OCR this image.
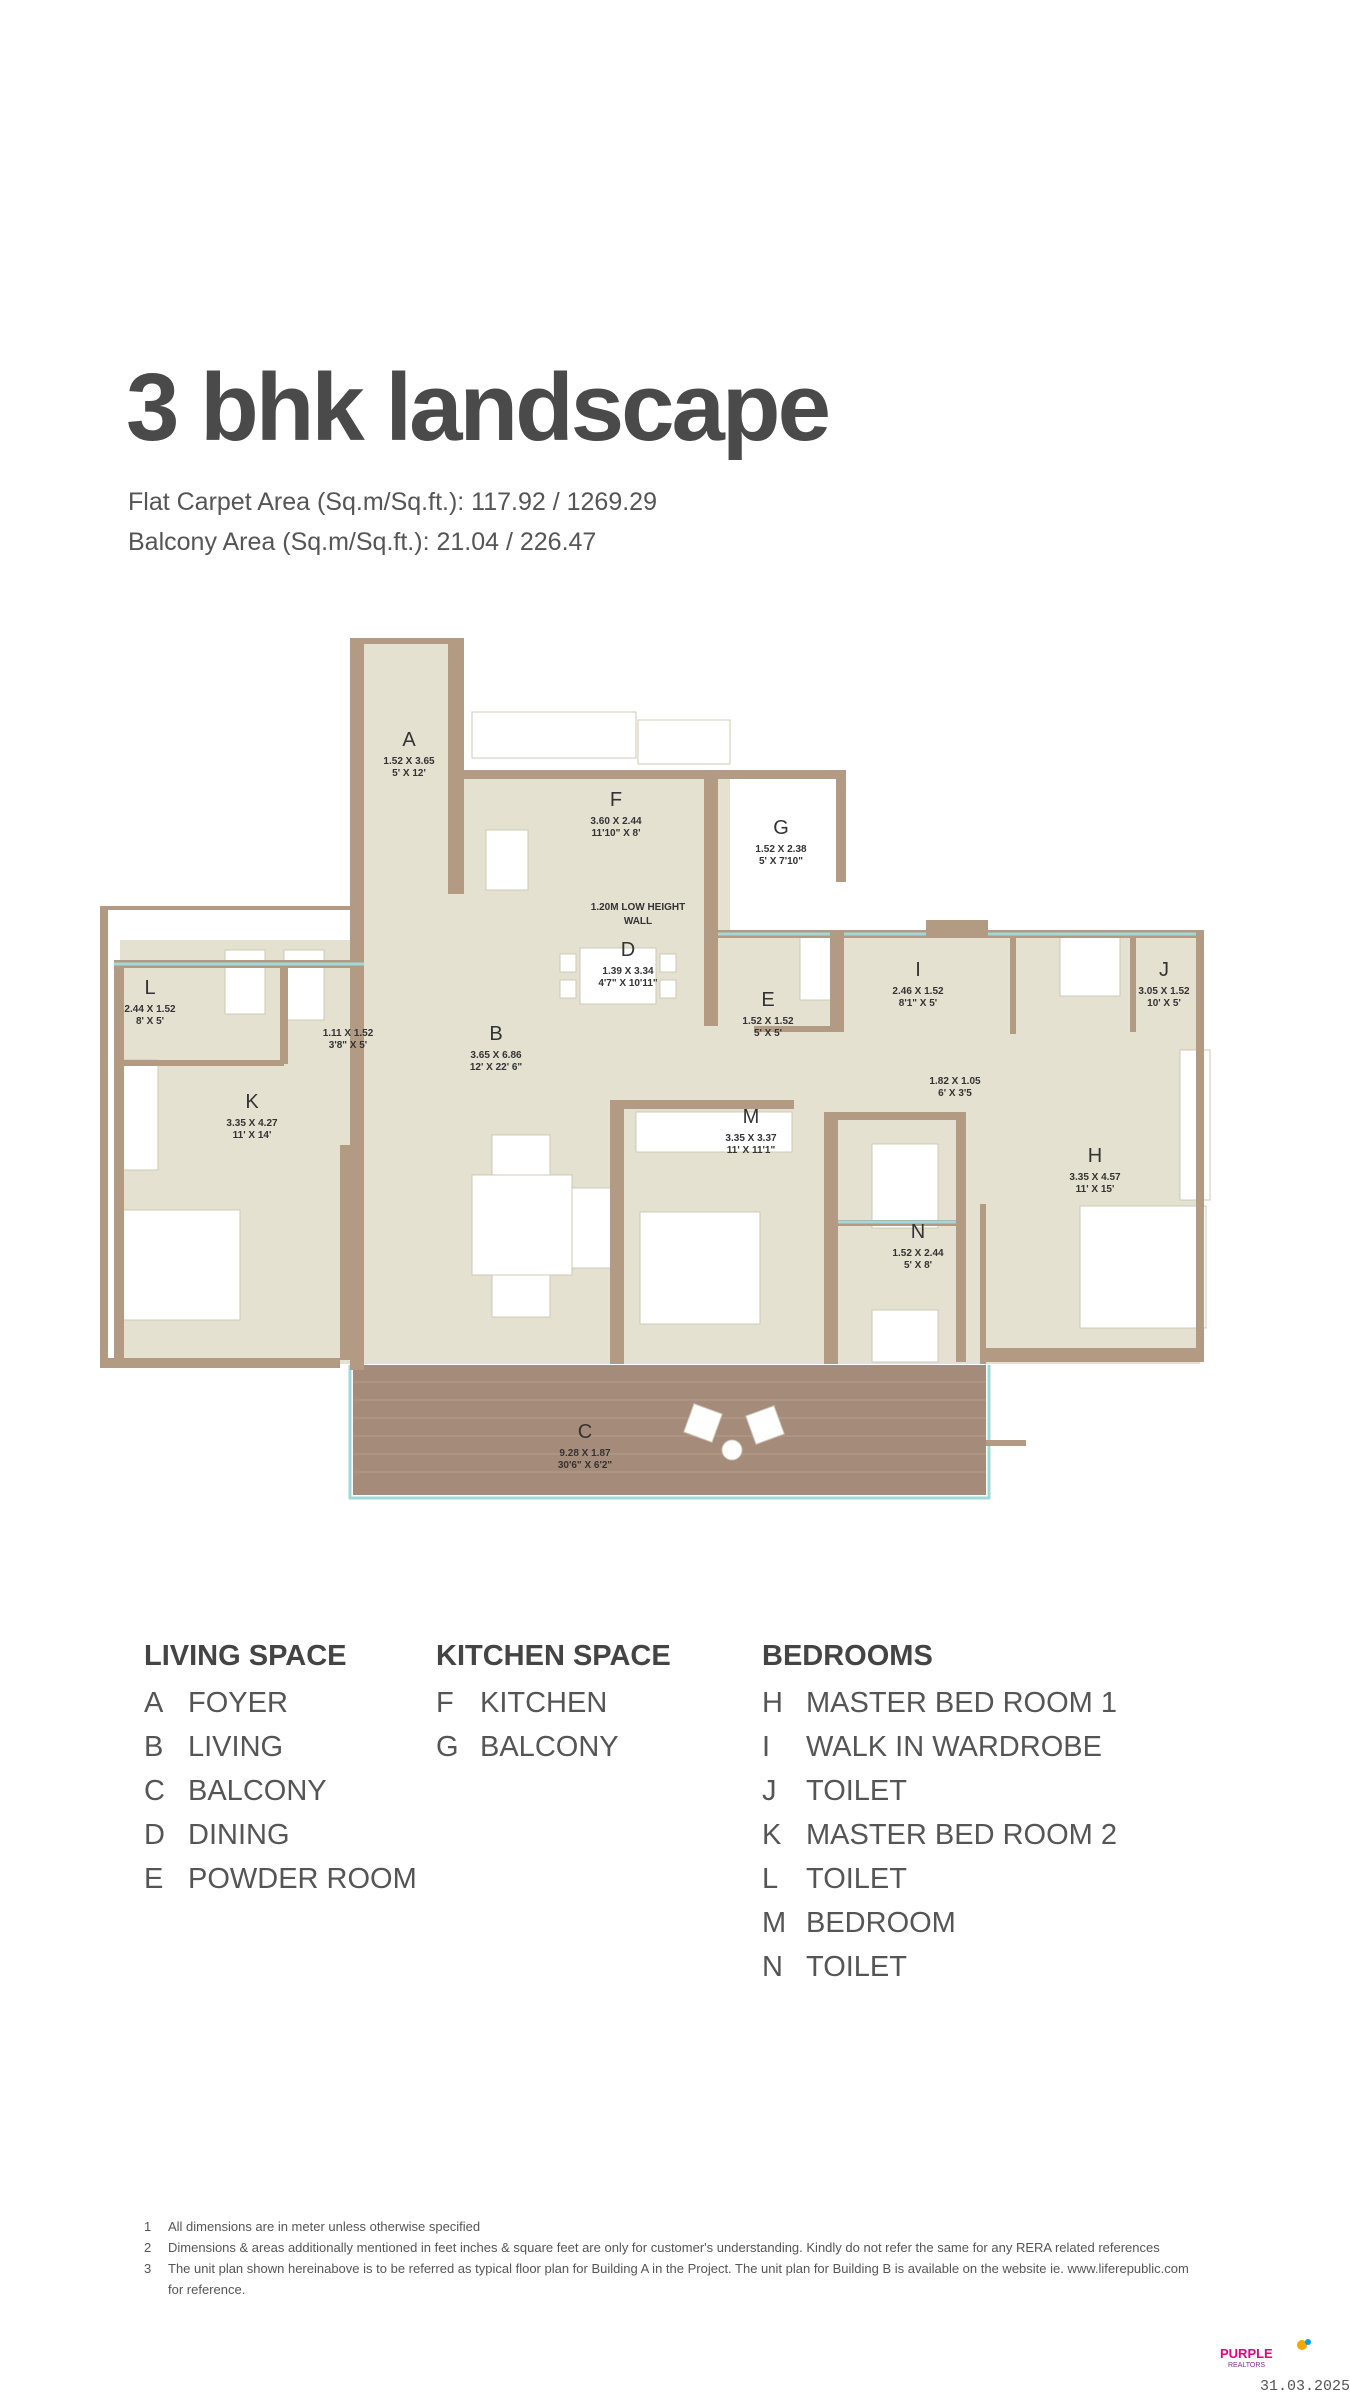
3 bhk landscape
Flat Carpet Area (Sq.m/Sq.ft.): 117.92 / 1269.29
Balcony Area (Sq.m/Sq.ft.): 21.04 / 226.47
A
1.52 X 3.65
5' X 12'
F
3.60 X 2.44
11'10" X 8'	G
1.52 X 2.38
5' X 7'10"
D
1.39 X 3.34
4'7" X 10'11"
E
1.52 X 1.52
5' X 5'
L
2.44 X 1.52
8' X 5'
B
3.65 X 6.86
12' X 22' 6"
I
2.46 X 1.52
8'1" X 5'
J
3.05 X 1.52
10' X 5'
K
3.35 X 4.27
11' X 14'
M
3.35 X 3.37
11' X 11'1"	H
3.35 X 4.57
11' X 15'
N
1.52 X 2.44
5' X 8'
C
9.28 X 1.87
30'6" X 6'2"
1.20M LOW HEIGHT
WALL
1.11 X 1.52
3'8" X 5'
1.82 X 1.05
6' X 3'5
LIVING SPACE
A FOYER
B LIVING
C BALCONY
D DINING
E POWDER ROOM
KITCHEN SPACE
F KITCHEN
G BALCONY
BEDROOMS
H MASTER BED ROOM 1
I WALK IN WARDROBE
J TOILET
K MASTER BED ROOM 2
L TOILET
M BEDROOM
N TOILET
1 All dimensions are in meter unless otherwise specified
2 Dimensions & areas additionally mentioned in feet inches & square feet are only for customer's understanding. Kindly do not refer the same for any RERA related references
3 The unit plan shown hereinabove is to be referred as typical floor plan for Building A in the Project. The unit plan for Building B is available on the website ie. www.liferepublic.com for reference.
PURPLE
REALTORS
31.03.2025
